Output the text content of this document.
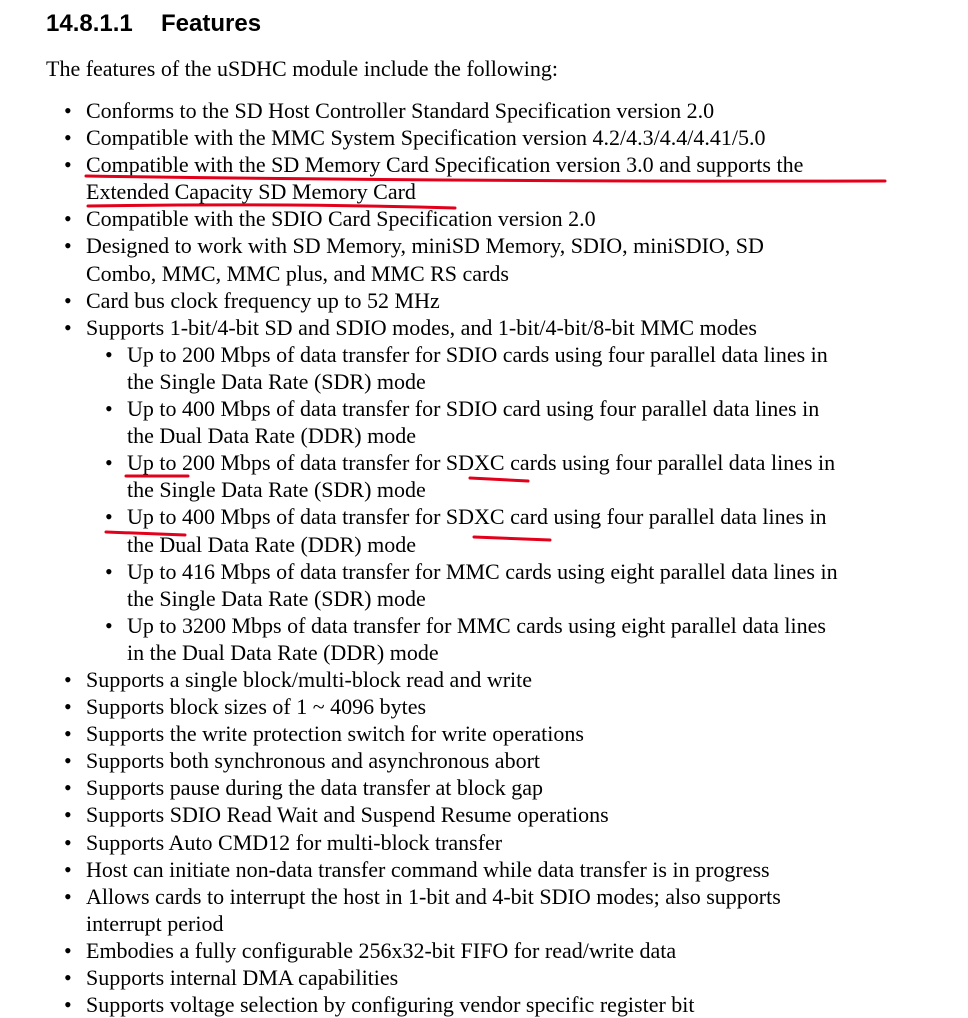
14.8.1.1 Features

The features of the uSDHC module include the following:

• Conforms to the SD Host Controller Standard Specification version 2.0
• Compatible with the MMC System Specification version 4.2/4.3/4.4/4.41/5.0
• Compatible with the SD Memory Card Specification version 3.0 and supports the
Extended Capacity SD Memory Card
• Compatible with the SDIO Card Specification version 2.0
• Designed to work with SD Memory, miniSD Memory, SDIO, miniSDIO, SD
Combo, MMC, MMC plus, and MMC RS cards
• Card bus clock frequency up to 52 MHz
• Supports 1-bit/4-bit SD and SDIO modes, and 1-bit/4-bit/8-bit MMC modes
• Up to 200 Mbps of data transfer for SDIO cards using four parallel data lines in
the Single Data Rate (SDR) mode
• Up to 400 Mbps of data transfer for SDIO card using four parallel data lines in
the Dual Data Rate (DDR) mode
• Up to 200 Mbps of data transfer for SDXC cards using four parallel data lines in
the Single Data Rate (SDR) mode
• Up to 400 Mbps of data transfer for SDXC card using four parallel data lines in
the Dual Data Rate (DDR) mode
• Up to 416 Mbps of data transfer for MMC cards using eight parallel data lines in
the Single Data Rate (SDR) mode
• Up to 3200 Mbps of data transfer for MMC cards using eight parallel data lines
in the Dual Data Rate (DDR) mode
• Supports a single block/multi-block read and write
• Supports block sizes of 1 ~ 4096 bytes
• Supports the write protection switch for write operations
• Supports both synchronous and asynchronous abort
• Supports pause during the data transfer at block gap
• Supports SDIO Read Wait and Suspend Resume operations
• Supports Auto CMD12 for multi-block transfer
• Host can initiate non-data transfer command while data transfer is in progress
• Allows cards to interrupt the host in 1-bit and 4-bit SDIO modes; also supports
interrupt period
• Embodies a fully configurable 256x32-bit FIFO for read/write data
• Supports internal DMA capabilities
• Supports voltage selection by configuring vendor specific register bit
